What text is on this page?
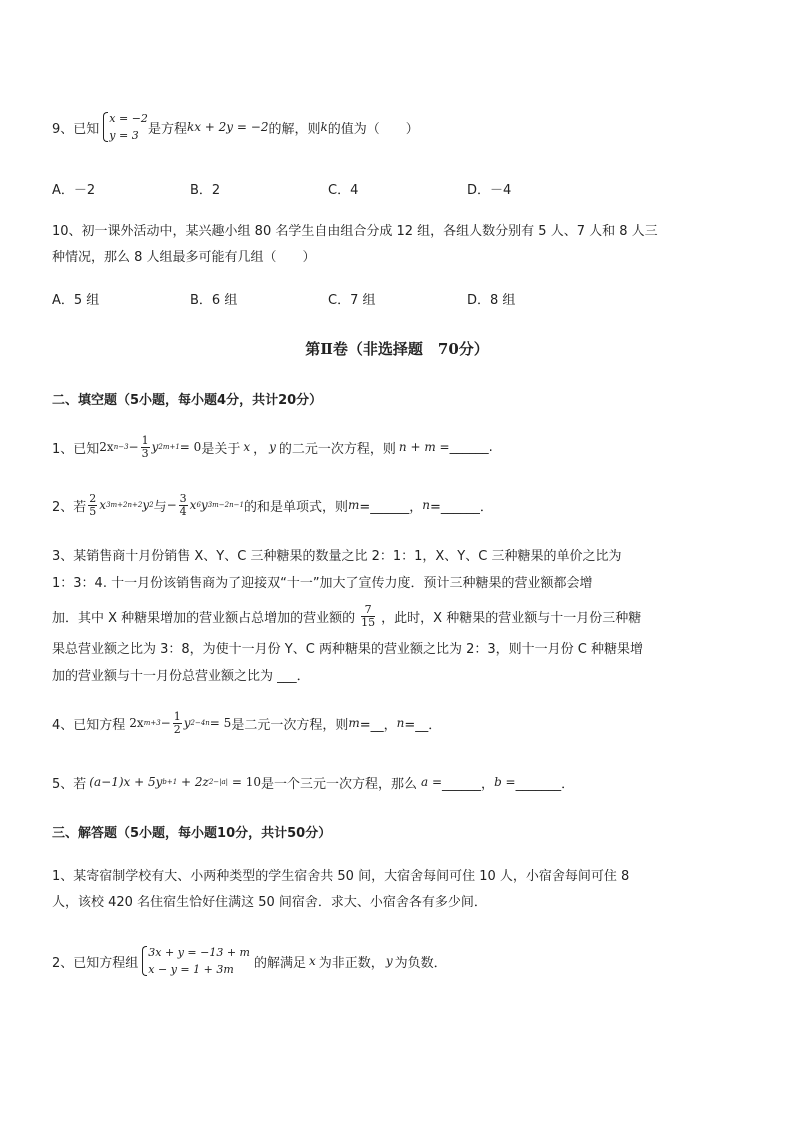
9、 已知
x = −2
y = 3 是方程 kx + 2y = −2 的解，则 k 的值为（　　）
A．－2	B．2	C．4	D．－4
10、初一课外活动中，某兴趣小组 80 名学生自由组合分成 12 组，各组人数分别有 5 人、7 人和 8 人三
种情况，那么 8 人组最多可能有几组（　　）
A．5 组	B．6 组	C．7 组	D．8 组
第Ⅱ卷（非选择题　70分）
二、填空题（5小题，每小题4分，共计20分）
1、 已知 2x $n-3 - \frac{1}{3}$ y 2m+1 = 0 是关于 x ， y 的二元一次方程，则 n + m = ______.
2、 若 $\frac{2}{5}$ x 3m+2n+2 y 2 与 − $\frac{3}{4}$ x 6 y 3m−2n−1 的和是单项式，则 m =______， n =______．
3、某销售商十月份销售 X、Y、C 三种糖果的数量之比 2：1：1，X、Y、C 三种糖果的单价之比为
1：3：4. 十一月份该销售商为了迎接双“十一”加大了宣传力度．预计三种糖果的营业额都会增
加．其中 X 种糖果增加的营业额占总增加的营业额的 $\frac{7}{15}$ ，此时，X 种糖果的营业额与十一月份三种糖
果总营业额之比为 3：8，为使十一月份 Y、C 两种糖果的营业额之比为 2：3，则十一月份 C 种糖果增
加的营业额与十一月份总营业额之比为 ___．
4、 已知方程 2x $m+3 - \frac{1}{2}$ y 2−4n = 5 是二元一次方程，则 m =__， n =__．
5、 若 (a−1)x + 5y b+1 + 2z 2−|a| = 10 是一个三元一次方程，那么 a = ______， b = _______．
三、解答题（5小题，每小题10分，共计50分）
1、某寄宿制学校有大、小两种类型的学生宿舍共 50 间，大宿舍每间可住 10 人，小宿舍每间可住 8
人，该校 420 名住宿生恰好住满这 50 间宿舍．求大、小宿舍各有多少间．
2、 已知方程组
3x + y = −13 + m
x − y = 1 + 3m	的解满足 x 为非正数， y 为负数．
